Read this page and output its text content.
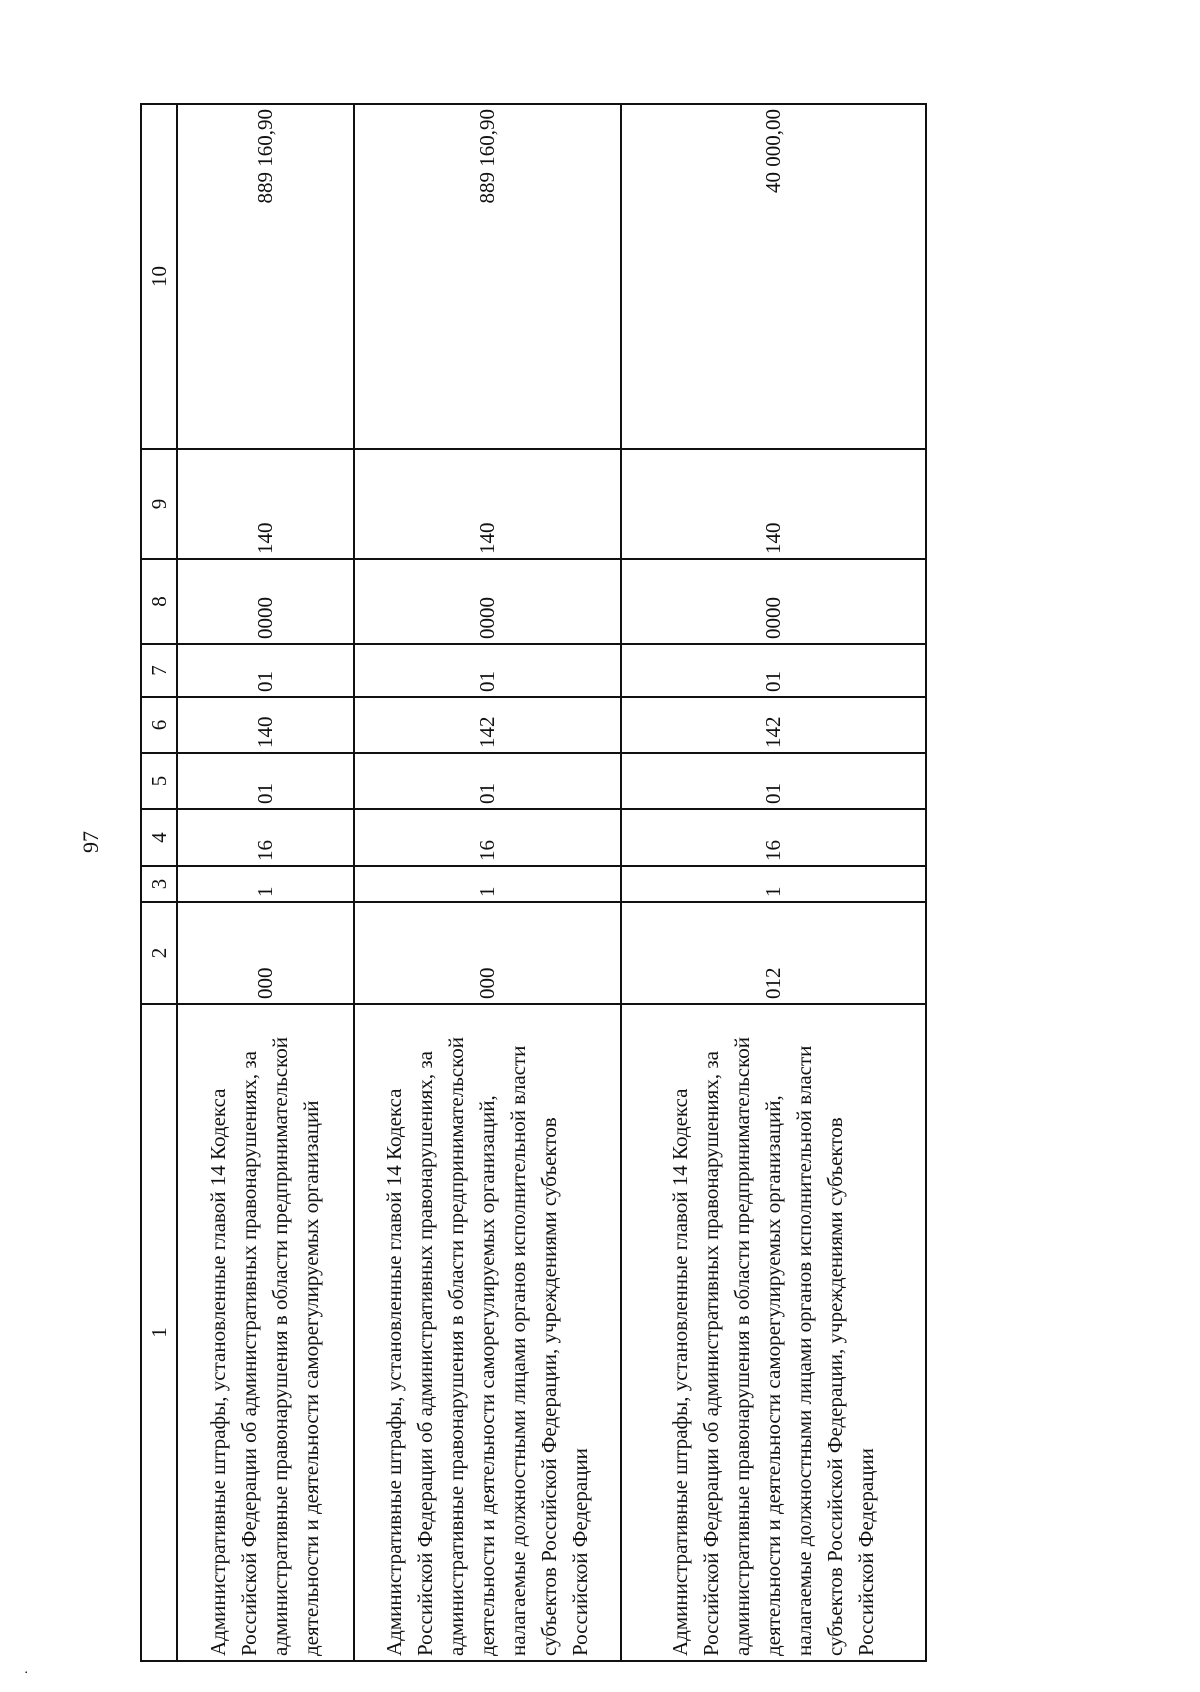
.
97
1	2	3	4	5	6	7	8	9	10
Административные штрафы, установленные главой 14 Кодекса Российской Федерации об административных правонарушениях, за административные правонарушения в области предпринимательской деятельности и деятельности саморегулируемых организаций	000	1	16	01	140	01	0000	140	889 160,90
Административные штрафы, установленные главой 14 Кодекса Российской Федерации об административных правонарушениях, за административные правонарушения в области предпринимательской деятельности и деятельности саморегулируемых организаций, налагаемые должностными лицами органов исполнительной власти субъектов Российской Федерации, учреждениями субъектов Российской Федерации	000	1	16	01	142	01	0000	140	889 160,90
Административные штрафы, установленные главой 14 Кодекса Российской Федерации об административных правонарушениях, за административные правонарушения в области предпринимательской деятельности и деятельности саморегулируемых организаций, налагаемые должностными лицами органов исполнительной власти субъектов Российской Федерации, учреждениями субъектов Российской Федерации	012	1	16	01	142	01	0000	140	40 000,00
